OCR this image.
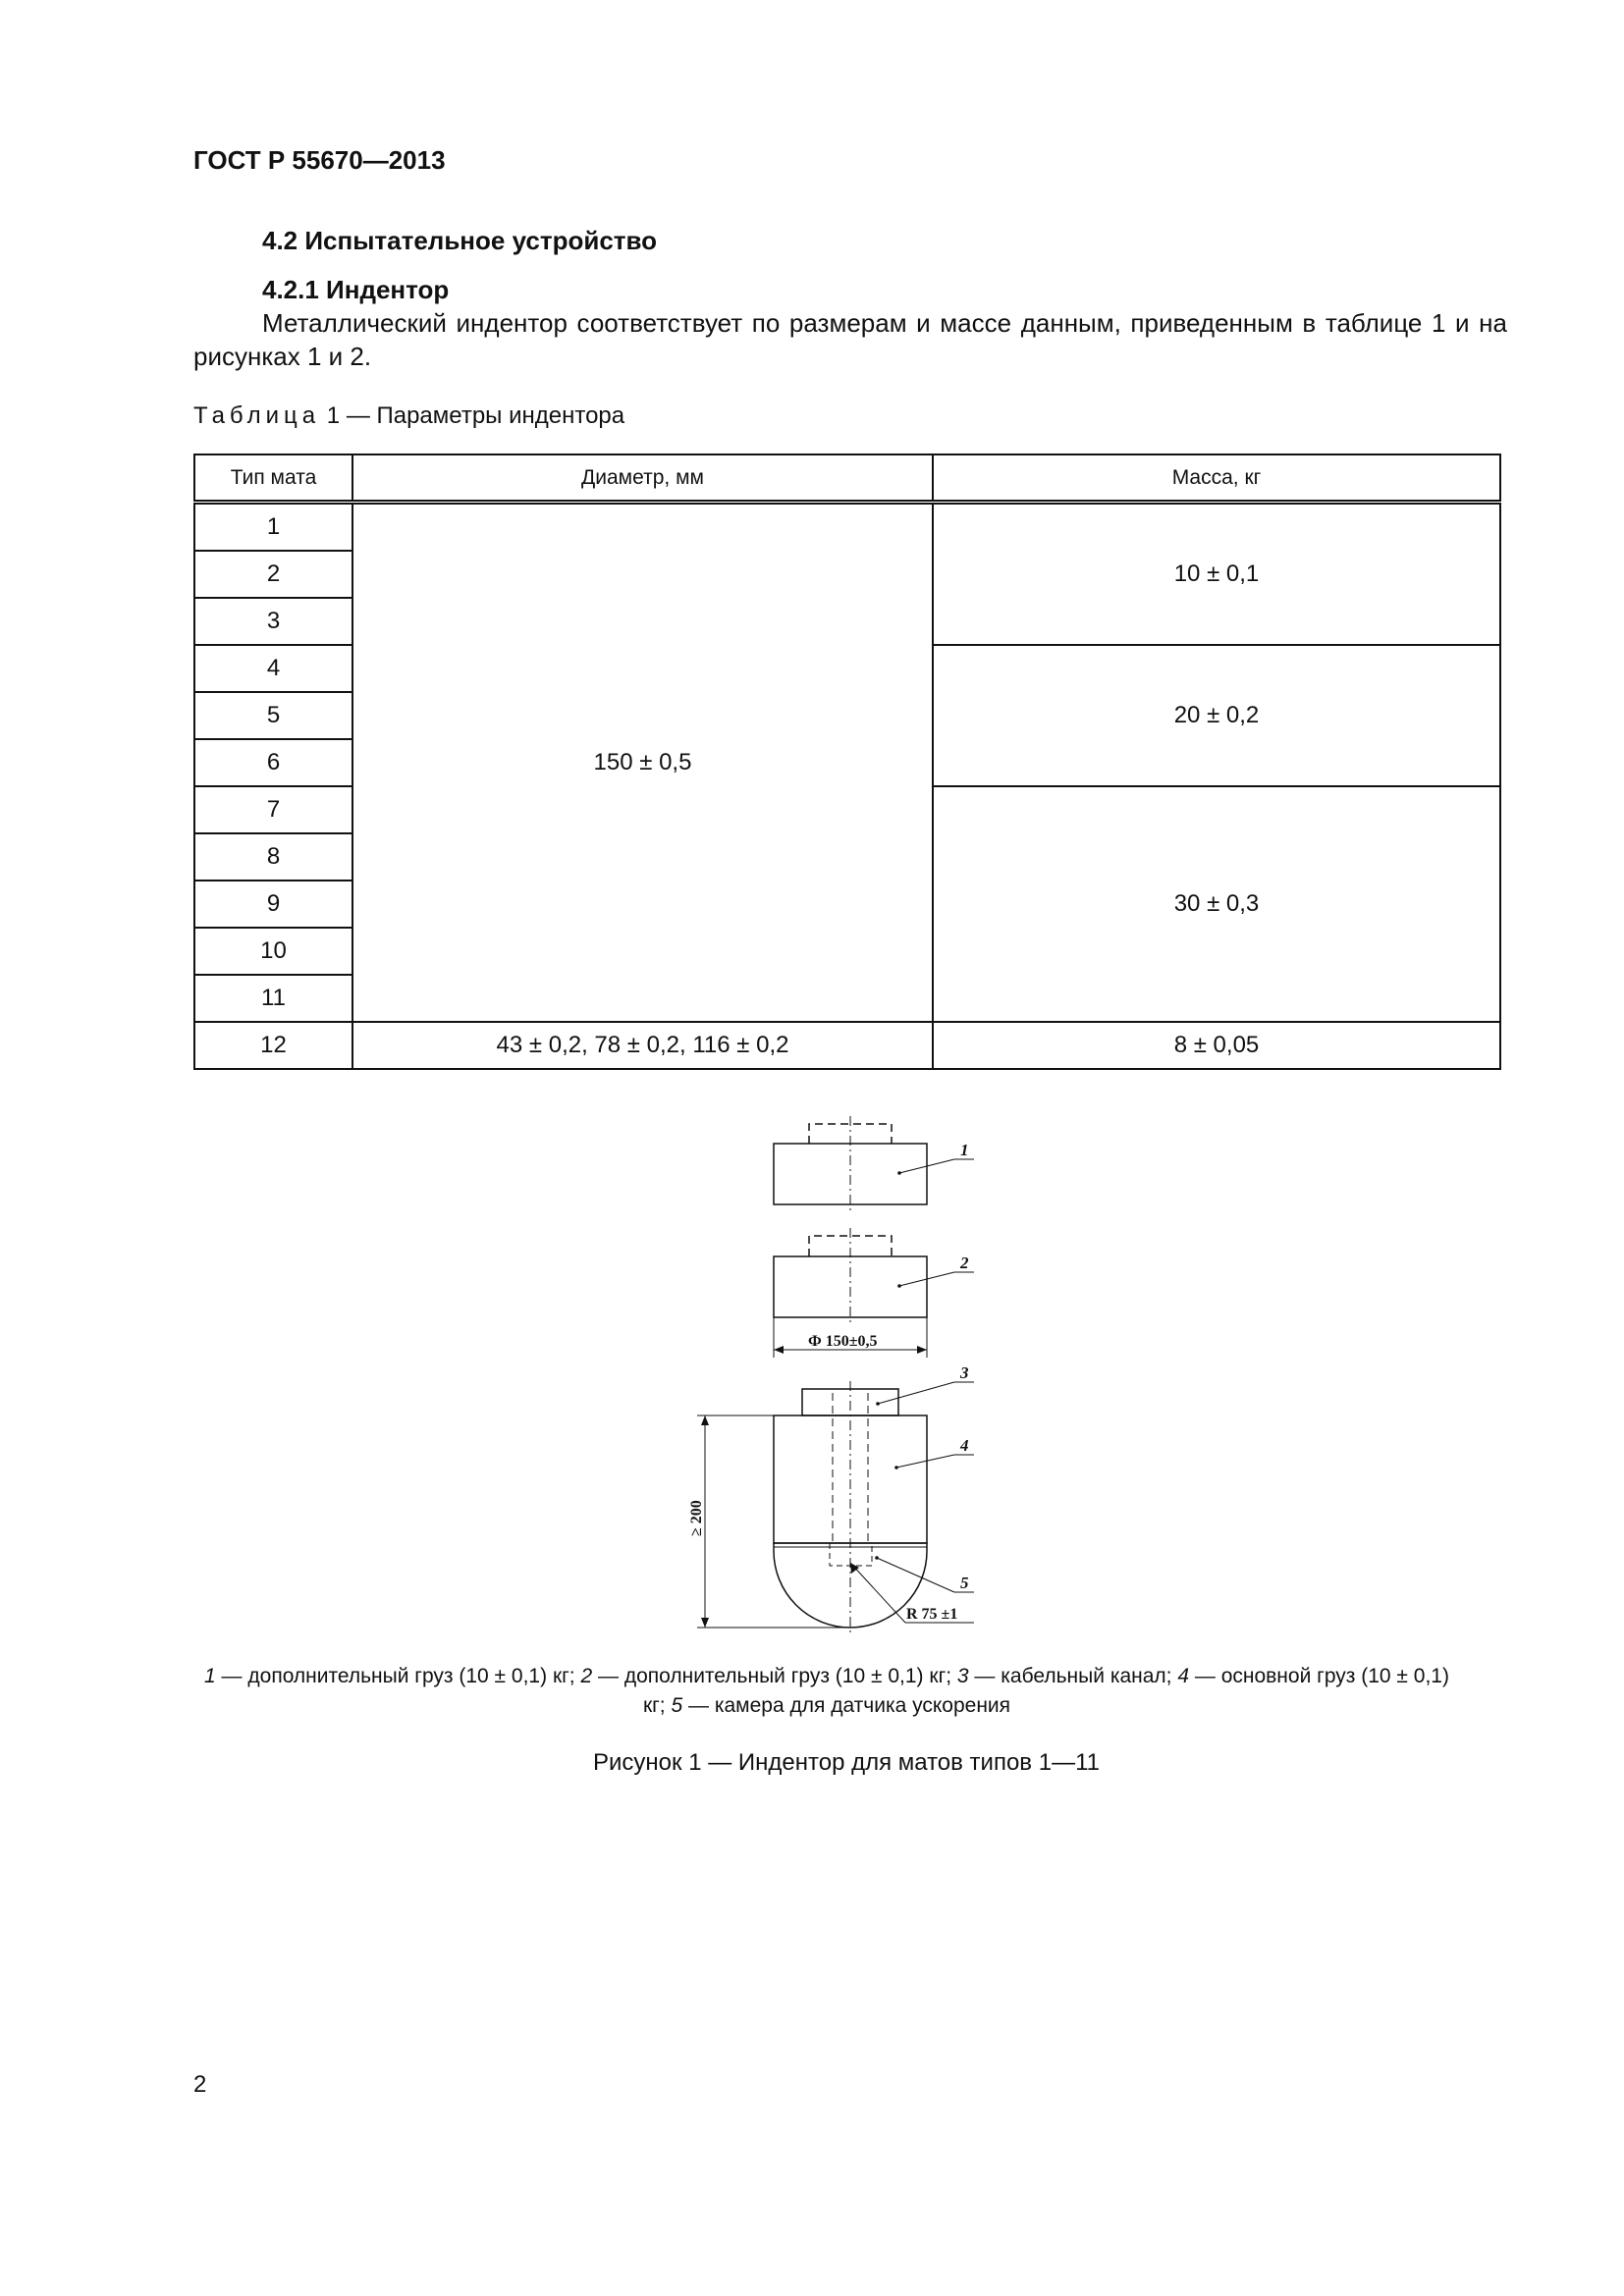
ГОСТ Р 55670—2013
4.2 Испытательное устройство
4.2.1 Индентор
Металлический индентор соответствует по размерам и массе данным, приведенным в таблице 1 и на рисунках 1 и 2.
Таблица 1 — Параметры индентора
Тип мата	Диаметр, мм	Масса, кг
1	150 ± 0,5	10 ± 0,1
2		
3		
4		20 ± 0,2
5		
6		
7		30 ± 0,3
8		
9		
10		
11		
12	43 ± 0,2, 78 ± 0,2, 116 ± 0,2	8 ± 0,05
1
2
3
4
5
Ф 150±0,5
≥ 200
R 75 ±1
1 — дополнительный груз (10 ± 0,1) кг; 2 — дополнительный груз (10 ± 0,1) кг; 3 — кабельный канал; 4 — основной груз (10 ± 0,1) кг; 5 — камера для датчика ускорения
Рисунок 1 — Индентор для матов типов 1—11
2
